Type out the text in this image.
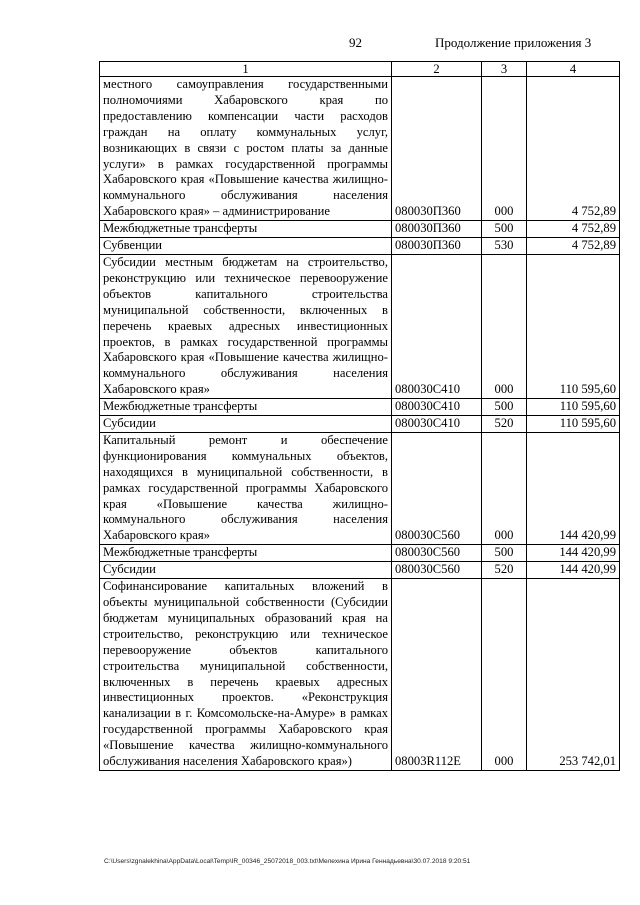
92	Продолжение приложения 3
1	2	3	4
местного самоуправления государственными полномочиями Хабаровского края по предоставлению компенсации части расходов граждан на оплату коммунальных услуг, возникающих в связи с ростом платы за данные услуги» в рамках государственной программы Хабаровского края «Повышение качества жилищно-коммунального обслуживания населения Хабаровского края» – администрирование	080030П360	000	4 752,89
Межбюджетные трансферты	080030П360	500	4 752,89
Субвенции	080030П360	530	4 752,89
Субсидии местным бюджетам на строительство, реконструкцию или техническое перевооружение объектов капитального строительства муниципальной собственности, включенных в перечень краевых адресных инвестиционных проектов, в рамках государственной программы Хабаровского края «Повышение качества жилищно-коммунального обслуживания населения Хабаровского края»	080030С410	000	110 595,60
Межбюджетные трансферты	080030С410	500	110 595,60
Субсидии	080030С410	520	110 595,60
Капитальный ремонт и обеспечение функционирования коммунальных объектов, находящихся в муниципальной собственности, в рамках государственной программы Хабаровского края «Повышение качества жилищно-коммунального обслуживания населения Хабаровского края»	080030С560	000	144 420,99
Межбюджетные трансферты	080030С560	500	144 420,99
Субсидии	080030С560	520	144 420,99
Софинансирование капитальных вложений в объекты муниципальной собственности (Субсидии бюджетам муниципальных образований края на строительство, реконструкцию или техническое перевооружение объектов капитального строительства муниципальной собственности, включенных в перечень краевых адресных инвестиционных проектов. «Реконструкция канализации в г. Комсомольске-на-Амуре» в рамках государственной программы Хабаровского края «Повышение качества жилищно-коммунального обслуживания населения Хабаровского края»)	08003R112E	000	253 742,01
C:\Users\zgnalekhina\AppData\Local\Temp\IR_00346_25072018_003.txt\Мелехина Ирина Геннадьевна\30.07.2018 9:20:51
